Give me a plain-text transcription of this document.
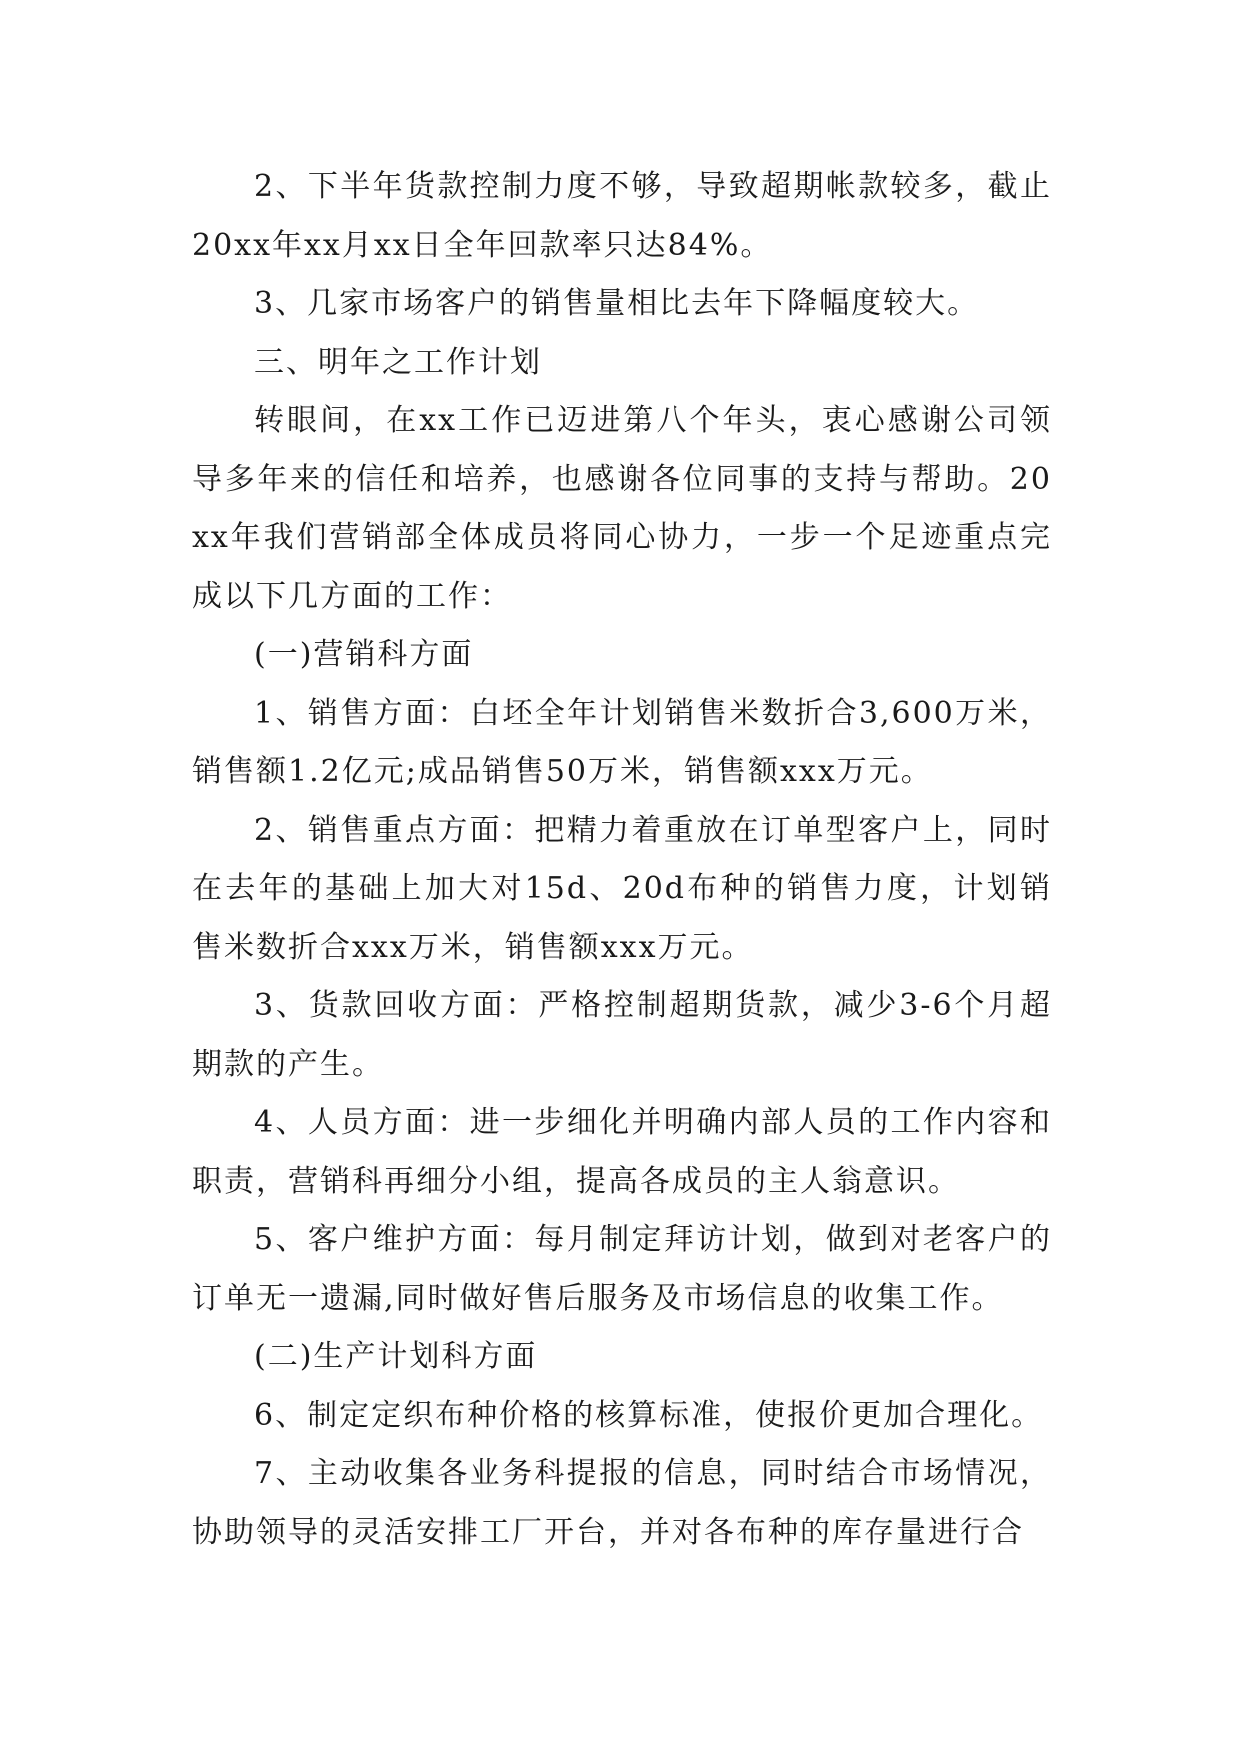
2、下半年货款控制力度不够，导致超期帐款较多，截止20xx年xx月xx日全年回款率只达84%。

3、几家市场客户的销售量相比去年下降幅度较大。

三、明年之工作计划

转眼间，在xx工作已迈进第八个年头，衷心感谢公司领导多年来的信任和培养，也感谢各位同事的支持与帮助。20xx年我们营销部全体成员将同心协力，一步一个足迹重点完成以下几方面的工作：

(一)营销科方面

1、销售方面：白坯全年计划销售米数折合3,600万米，销售额1.2亿元;成品销售50万米，销售额xxx万元。

2、销售重点方面：把精力着重放在订单型客户上，同时在去年的基础上加大对15d、20d布种的销售力度，计划销售米数折合xxx万米，销售额xxx万元。

3、货款回收方面：严格控制超期货款，减少3-6个月超期款的产生。

4、人员方面：进一步细化并明确内部人员的工作内容和职责，营销科再细分小组，提高各成员的主人翁意识。

5、客户维护方面：每月制定拜访计划，做到对老客户的订单无一遗漏,同时做好售后服务及市场信息的收集工作。

(二)生产计划科方面

6、制定定织布种价格的核算标准，使报价更加合理化。

7、主动收集各业务科提报的信息，同时结合市场情况，协助领导的灵活安排工厂开台，并对各布种的库存量进行合
